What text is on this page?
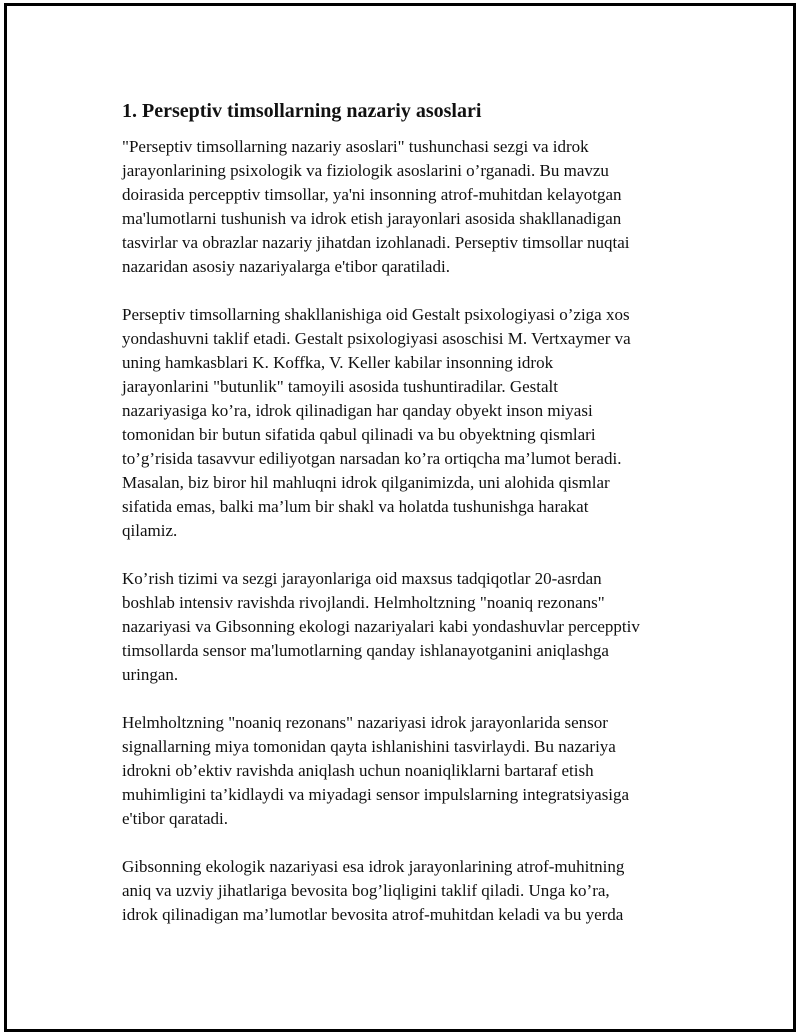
1. Perseptiv timsollarning nazariy asoslari
"Perseptiv timsollarning nazariy asoslari" tushunchasi sezgi va idrok
jarayonlarining psixologik va fiziologik asoslarini o’rganadi. Bu mavzu
doirasida percepptiv timsollar, ya'ni insonning atrof-muhitdan kelayotgan
ma'lumotlarni tushunish va idrok etish jarayonlari asosida shakllanadigan
tasvirlar va obrazlar nazariy jihatdan izohlanadi. Perseptiv timsollar nuqtai
nazaridan asosiy nazariyalarga e'tibor qaratiladi.
Perseptiv timsollarning shakllanishiga oid Gestalt psixologiyasi o’ziga xos
yondashuvni taklif etadi. Gestalt psixologiyasi asoschisi M. Vertxaymer va
uning hamkasblari K. Koffka, V. Keller kabilar insonning idrok
jarayonlarini "butunlik" tamoyili asosida tushuntiradilar. Gestalt
nazariyasiga ko’ra, idrok qilinadigan har qanday obyekt inson miyasi
tomonidan bir butun sifatida qabul qilinadi va bu obyektning qismlari
to’g’risida tasavvur ediliyotgan narsadan ko’ra ortiqcha ma’lumot beradi.
Masalan, biz biror hil mahluqni idrok qilganimizda, uni alohida qismlar
sifatida emas, balki ma’lum bir shakl va holatda tushunishga harakat
qilamiz.
Ko’rish tizimi va sezgi jarayonlariga oid maxsus tadqiqotlar 20-asrdan
boshlab intensiv ravishda rivojlandi. Helmholtzning "noaniq rezonans"
nazariyasi va Gibsonning ekologi nazariyalari kabi yondashuvlar percepptiv
timsollarda sensor ma'lumotlarning qanday ishlanayotganini aniqlashga
uringan.
Helmholtzning "noaniq rezonans" nazariyasi idrok jarayonlarida sensor
signallarning miya tomonidan qayta ishlanishini tasvirlaydi. Bu nazariya
idrokni ob’ektiv ravishda aniqlash uchun noaniqliklarni bartaraf etish
muhimligini ta’kidlaydi va miyadagi sensor impulslarning integratsiyasiga
e'tibor qaratadi.
Gibsonning ekologik nazariyasi esa idrok jarayonlarining atrof-muhitning
aniq va uzviy jihatlariga bevosita bog’liqligini taklif qiladi. Unga ko’ra,
idrok qilinadigan ma’lumotlar bevosita atrof-muhitdan keladi va bu yerda
